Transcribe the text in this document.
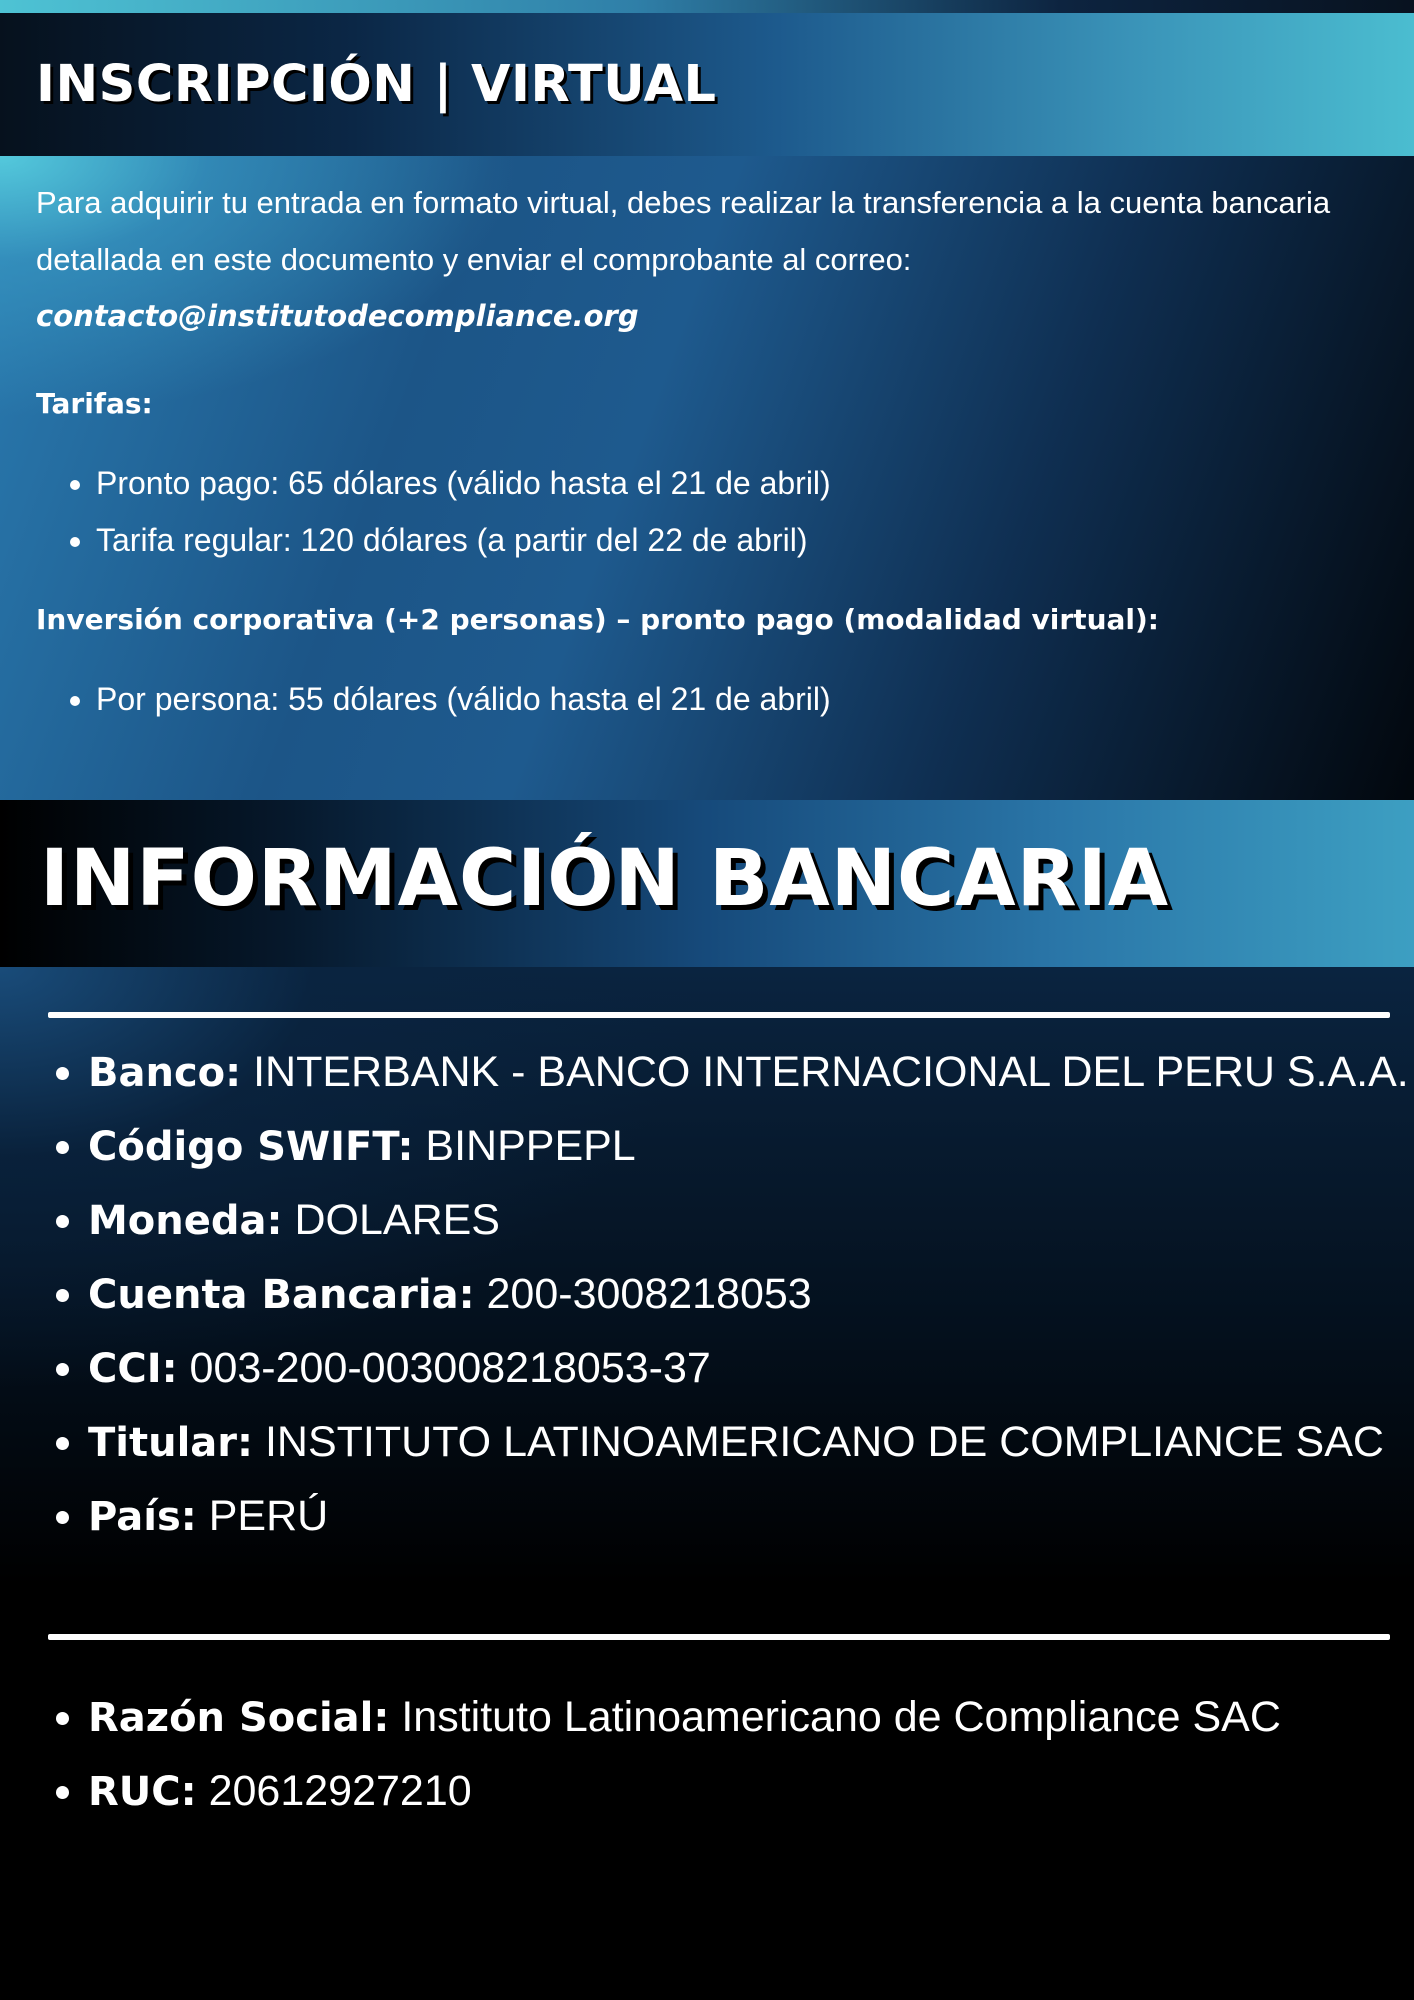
INSCRIPCIÓN | VIRTUAL

Para adquirir tu entrada en formato virtual, debes realizar la transferencia a la cuenta bancaria detallada en este documento y enviar el comprobante al correo:
contacto@institutodecompliance.org

Tarifas:

• Pronto pago: 65 dólares (válido hasta el 21 de abril)
• Tarifa regular: 120 dólares (a partir del 22 de abril)

Inversión corporativa (+2 personas) – pronto pago (modalidad virtual):

• Por persona: 55 dólares (válido hasta el 21 de abril)
INFORMACIÓN BANCARIA
• Banco: INTERBANK - BANCO INTERNACIONAL DEL PERU S.A.A.
• Código SWIFT: BINPPEPL
• Moneda: DOLARES
• Cuenta Bancaria: 200-3008218053
• CCI: 003-200-003008218053-37
• Titular: INSTITUTO LATINOAMERICANO DE COMPLIANCE SAC
• País: PERÚ
• Razón Social: Instituto Latinoamericano de Compliance SAC
• RUC: 20612927210
